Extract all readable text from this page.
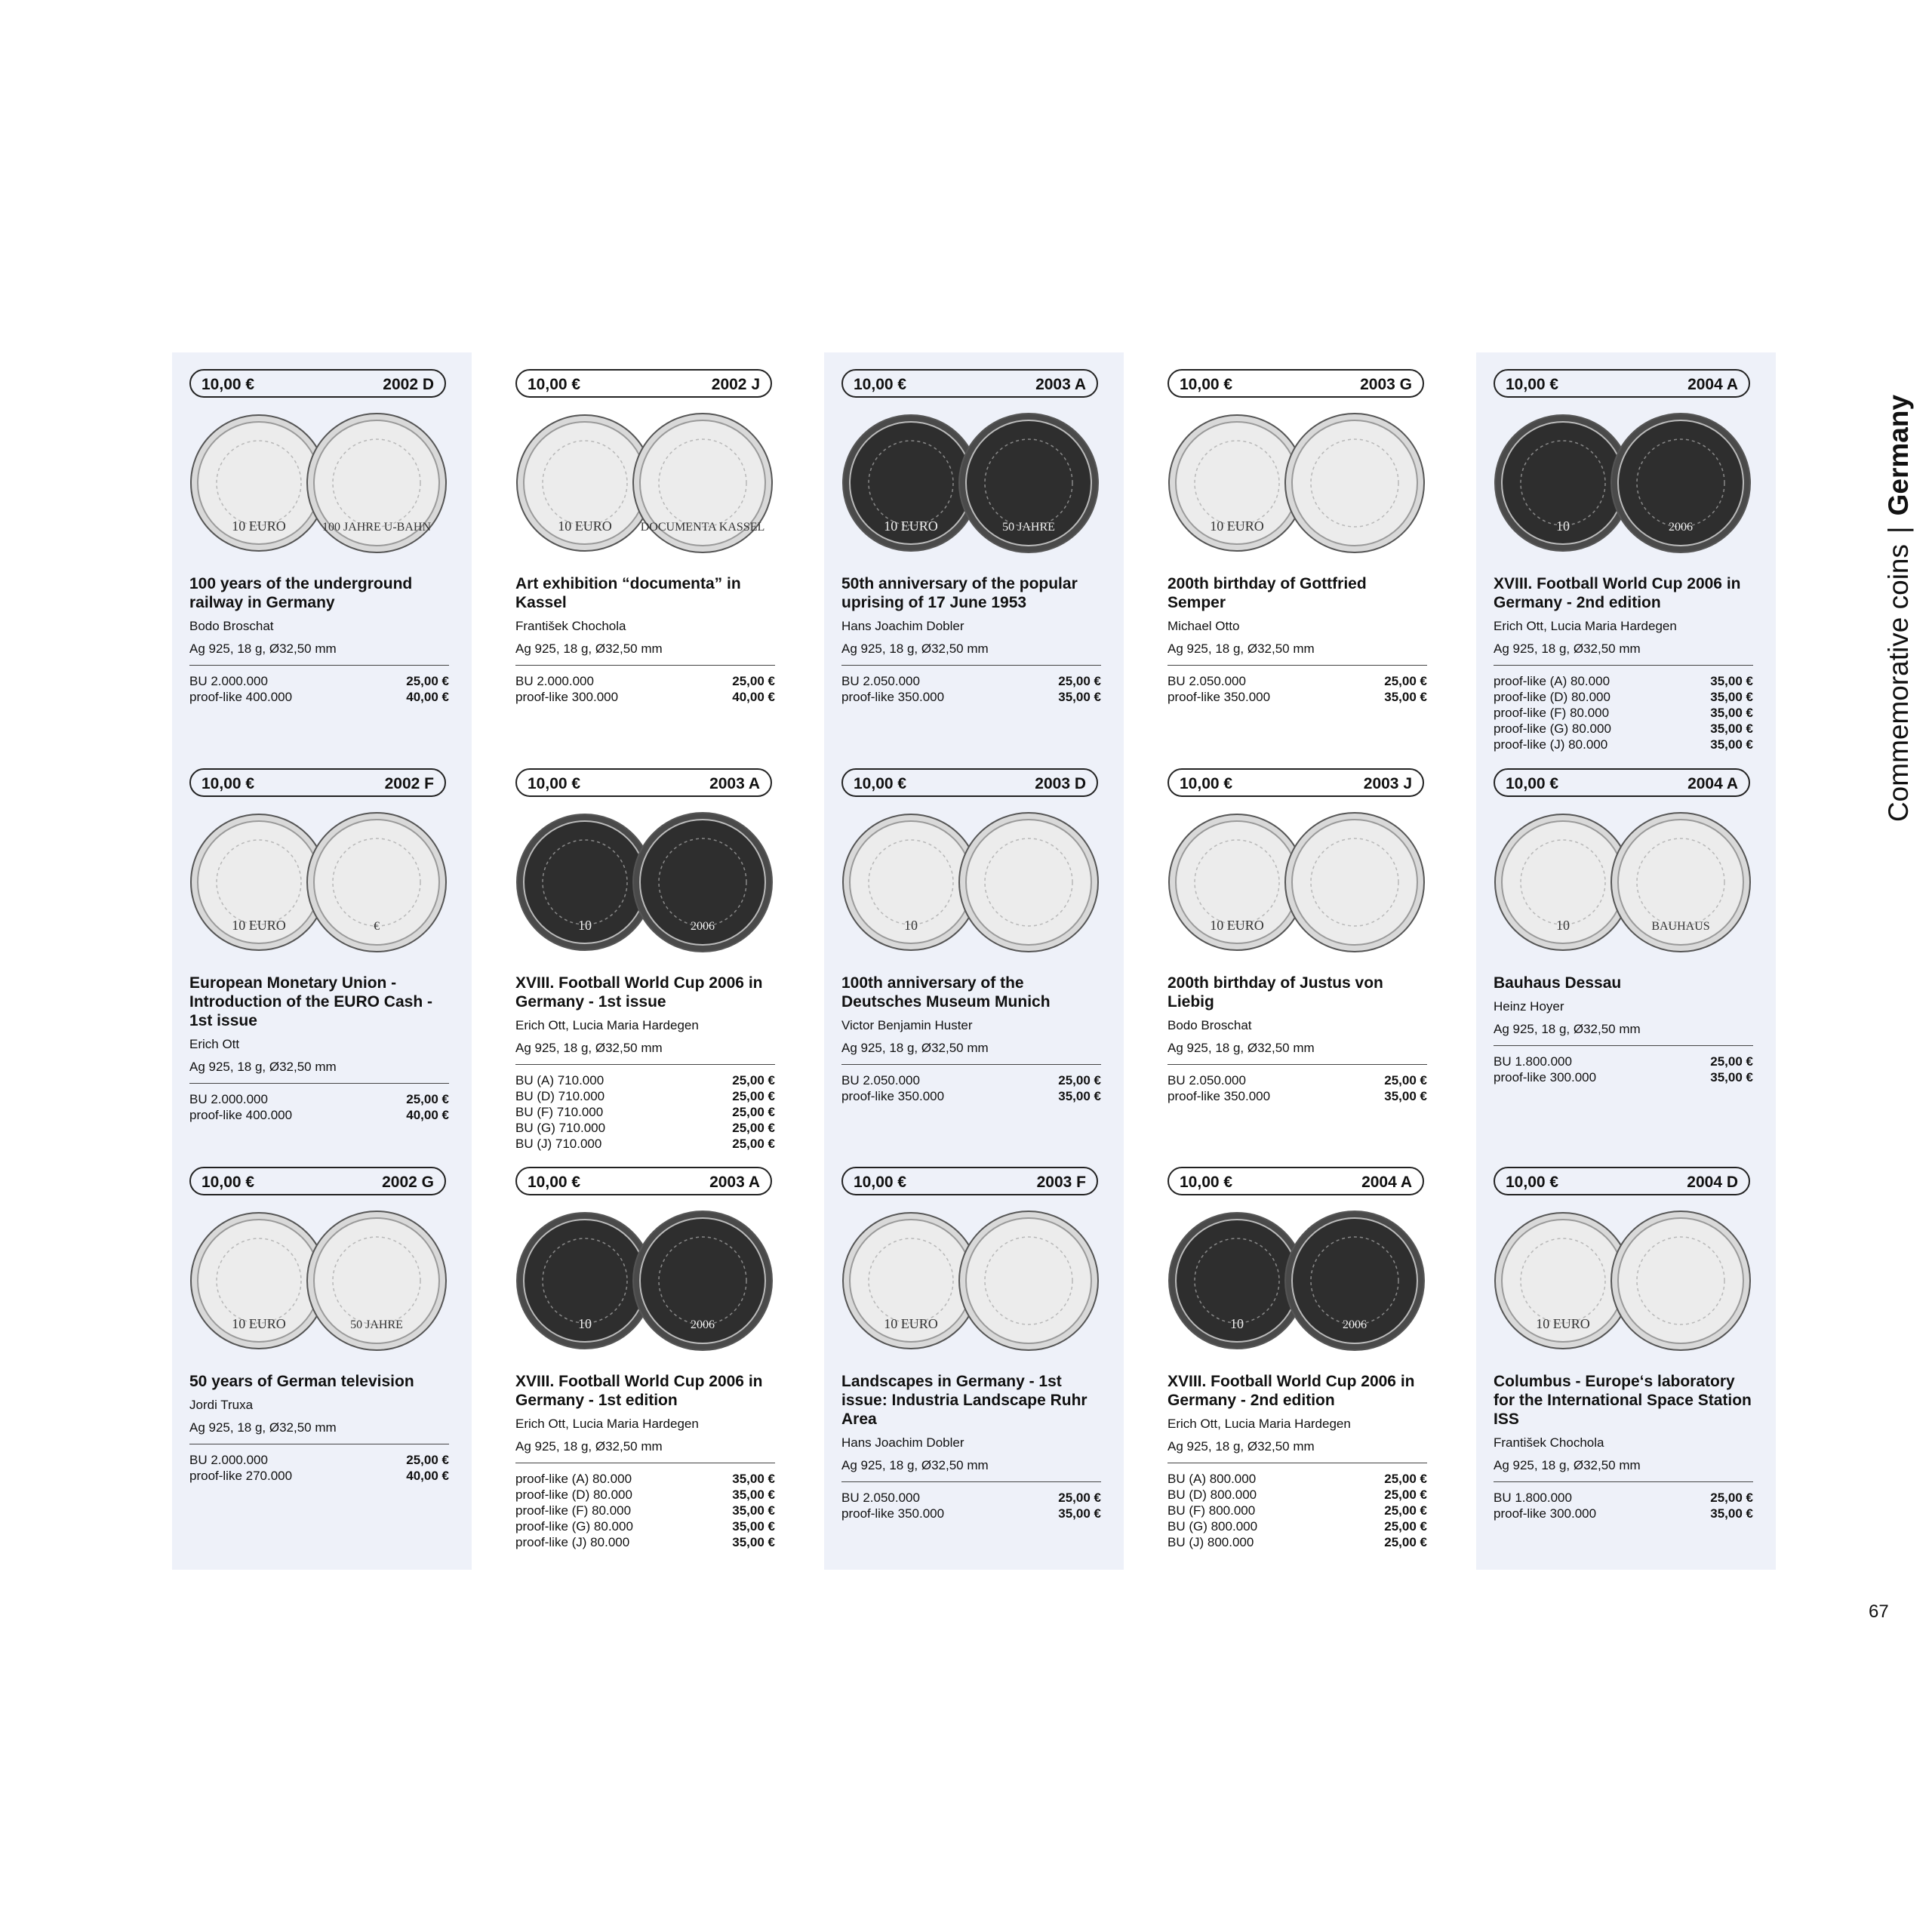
10,00 €	2002 D
100 years of the underground railway in Germany
Bodo Broschat
Ag 925, 18 g, Ø32,50 mm
BU 2.000.000	25,00 €
proof-like 400.000	40,00 €
10 EURO	100 JAHRE U-BAHN
10,00 €	2002 F
European Monetary Union - Introduction of the EURO Cash - 1st issue
Erich Ott
Ag 925, 18 g, Ø32,50 mm
BU 2.000.000	25,00 €
proof-like 400.000	40,00 €
10 EURO	€
10,00 €	2002 G
50 years of German television
Jordi Truxa
Ag 925, 18 g, Ø32,50 mm
BU 2.000.000	25,00 €
proof-like 270.000	40,00 €
10 EURO	50 JAHRE
10,00 €	2002 J
Art exhibition “documenta” in Kassel
František Chochola
Ag 925, 18 g, Ø32,50 mm
BU 2.000.000	25,00 €
proof-like 300.000	40,00 €
10 EURO DOCUMENTA KASSEL
10,00 €	2003 A
XVIII. Football World Cup 2006 in Germany - 1st issue
Erich Ott, Lucia Maria Hardegen
Ag 925, 18 g, Ø32,50 mm
BU (A) 710.000	25,00 €
BU (D) 710.000	25,00 €
BU (F) 710.000	25,00 €
BU (G) 710.000	25,00 €
BU (J) 710.000	25,00 €
10	2006
10,00 €	2003 A
XVIII. Football World Cup 2006 in Germany - 1st edition
Erich Ott, Lucia Maria Hardegen
Ag 925, 18 g, Ø32,50 mm
proof-like (A) 80.000	35,00 €
proof-like (D) 80.000	35,00 €
proof-like (F) 80.000	35,00 €
proof-like (G) 80.000	35,00 €
proof-like (J) 80.000	35,00 €
10	2006
10,00 €	2003 A
50th anniversary of the popular uprising of 17 June 1953
Hans Joachim Dobler
Ag 925, 18 g, Ø32,50 mm
BU 2.050.000	25,00 €
proof-like 350.000	35,00 €
10 EURO	50 JAHRE
10,00 €	2003 D
100th anniversary of the Deutsches Museum Munich
Victor Benjamin Huster
Ag 925, 18 g, Ø32,50 mm
BU 2.050.000	25,00 €
proof-like 350.000	35,00 €
10
10,00 €	2003 F
Landscapes in Germany - 1st issue: Industria Landscape Ruhr Area
Hans Joachim Dobler
Ag 925, 18 g, Ø32,50 mm
BU 2.050.000	25,00 €
proof-like 350.000	35,00 €
10 EURO
10,00 €	2003 G
200th birthday of Gottfried Semper
Michael Otto
Ag 925, 18 g, Ø32,50 mm
BU 2.050.000	25,00 €
proof-like 350.000	35,00 €
10 EURO
10,00 €	2003 J
200th birthday of Justus von Liebig
Bodo Broschat
Ag 925, 18 g, Ø32,50 mm
BU 2.050.000	25,00 €
proof-like 350.000	35,00 €
10 EURO
10,00 €	2004 A
XVIII. Football World Cup 2006 in Germany - 2nd edition
Erich Ott, Lucia Maria Hardegen
Ag 925, 18 g, Ø32,50 mm
BU (A) 800.000	25,00 €
BU (D) 800.000	25,00 €
BU (F) 800.000	25,00 €
BU (G) 800.000	25,00 €
BU (J) 800.000	25,00 €
10	2006
10,00 €	2004 A
XVIII. Football World Cup 2006 in Germany - 2nd edition
Erich Ott, Lucia Maria Hardegen
Ag 925, 18 g, Ø32,50 mm
proof-like (A) 80.000	35,00 €
proof-like (D) 80.000	35,00 €
proof-like (F) 80.000	35,00 €
proof-like (G) 80.000	35,00 €
proof-like (J) 80.000	35,00 €
10	2006
10,00 €	2004 A
Bauhaus Dessau
Heinz Hoyer
Ag 925, 18 g, Ø32,50 mm
BU 1.800.000	25,00 €
proof-like 300.000	35,00 €
10	BAUHAUS
10,00 €	2004 D
Columbus - Europe‘s laboratory for the International Space Station ISS
František Chochola
Ag 925, 18 g, Ø32,50 mm
BU 1.800.000	25,00 €
proof-like 300.000	35,00 €
10 EURO
Commemorative coins|Germany
67
